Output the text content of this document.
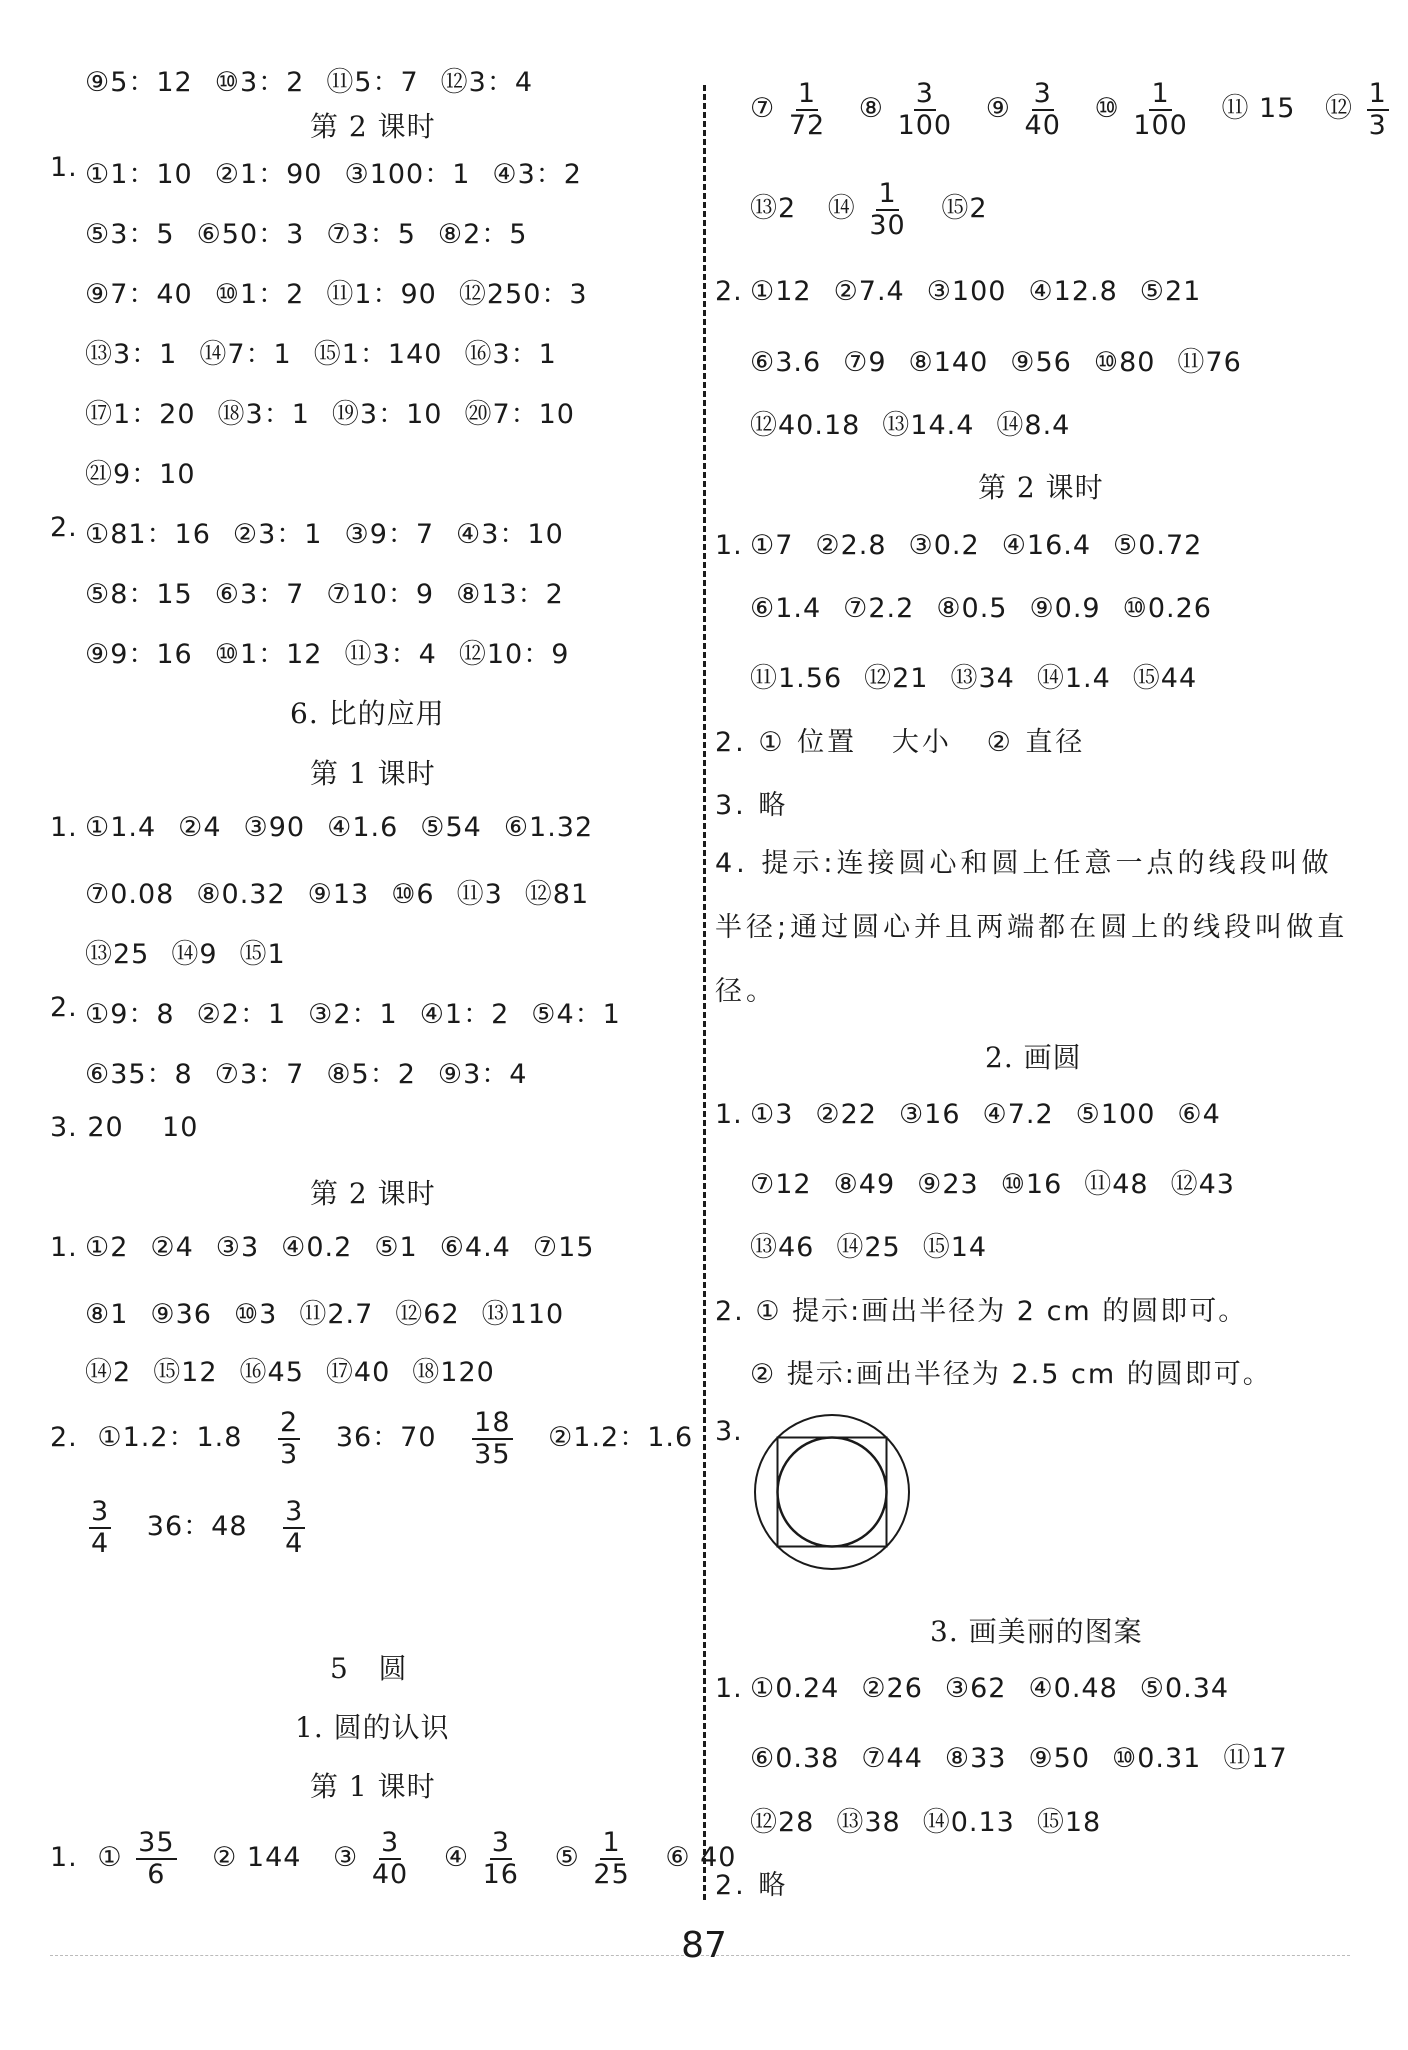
⑨5：12 ⑩3：2 ⑪5：7 ⑫3：4
第 2 课时
1. ①1：10 ②1：90 ③100：1 ④3：2
⑤3：5 ⑥50：3 ⑦3：5 ⑧2：5
⑨7：40 ⑩1：2 ⑪1：90 ⑫250：3
⑬3：1 ⑭7：1 ⑮1：140 ⑯3：1
⑰1：20 ⑱3：1 ⑲3：10 ⑳7：10
㉑9：10
2. ①81：16 ②3：1 ③9：7 ④3：10
⑤8：15 ⑥3：7 ⑦10：9 ⑧13：2
⑨9：16 ⑩1：12 ⑪3：4 ⑫10：9
6. 比的应用
第 1 课时
1. ①1.4 ②4 ③90 ④1.6 ⑤54 ⑥1.32
⑦0.08 ⑧0.32 ⑨13 ⑩6 ⑪3 ⑫81
⑬25 ⑭9 ⑮1
2. ①9：8 ②2：1 ③2：1 ④1：2 ⑤4：1
⑥35：8 ⑦3：7 ⑧5：2 ⑨3：4
3. 20    10
第 2 课时
1. ①2 ②4 ③3 ④0.2 ⑤1 ⑥4.4 ⑦15
⑧1 ⑨36 ⑩3 ⑪2.7 ⑫62 ⑬110
⑭2 ⑮12 ⑯45 ⑰40 ⑱120
2. ①1.2：$1.8 \frac{2}{3} 36$：$70 \frac{18}{35}$ ②1.2：1.6
$\frac{3}{4} 36$：$48 \frac{3}{4}$
5   圆
1. 圆的认识
第 1 课时
1. ① $\frac{35}{6}$ ② 144 ③ $\frac{3}{40}$ ④ $\frac{3}{16}$ ⑤ $\frac{1}{25}$ ⑥ 40
⑦ $\frac{1}{72}$ ⑧ $\frac{3}{100}$ ⑨ $\frac{3}{40}$ ⑩ $\frac{1}{100}$ ⑪ 15 ⑫ $\frac{1}{3}$
⑬2 ⑭ $\frac{1}{30}$ ⑮2
2. ①12 ②7.4 ③100 ④12.8 ⑤21
⑥3.6 ⑦9 ⑧140 ⑨56 ⑩80 ⑪76
⑫40.18 ⑬14.4 ⑭8.4
第 2 课时
1. ①7 ②2.8 ③0.2 ④16.4 ⑤0.72
⑥1.4 ⑦2.2 ⑧0.5 ⑨0.9 ⑩0.26
⑪1.56 ⑫21 ⑬34 ⑭1.4 ⑮44
2. ① 位置   大小   ② 直径
3. 略
4. 提示:连接圆心和圆上任意一点的线段叫做半径;通过圆心并且两端都在圆上的线段叫做直径。
2. 画圆
1. ①3 ②22 ③16 ④7.2 ⑤100 ⑥4
⑦12 ⑧49 ⑨23 ⑩16 ⑪48 ⑫43
⑬46 ⑭25 ⑮14
2. ① 提示:画出半径为 2 cm 的圆即可。
② 提示:画出半径为 2.5 cm 的圆即可。
3.
3. 画美丽的图案
1. ①0.24 ②26 ③62 ④0.48 ⑤0.34
⑥0.38 ⑦44 ⑧33 ⑨50 ⑩0.31 ⑪17
⑫28 ⑬38 ⑭0.13 ⑮18
2. 略
87
